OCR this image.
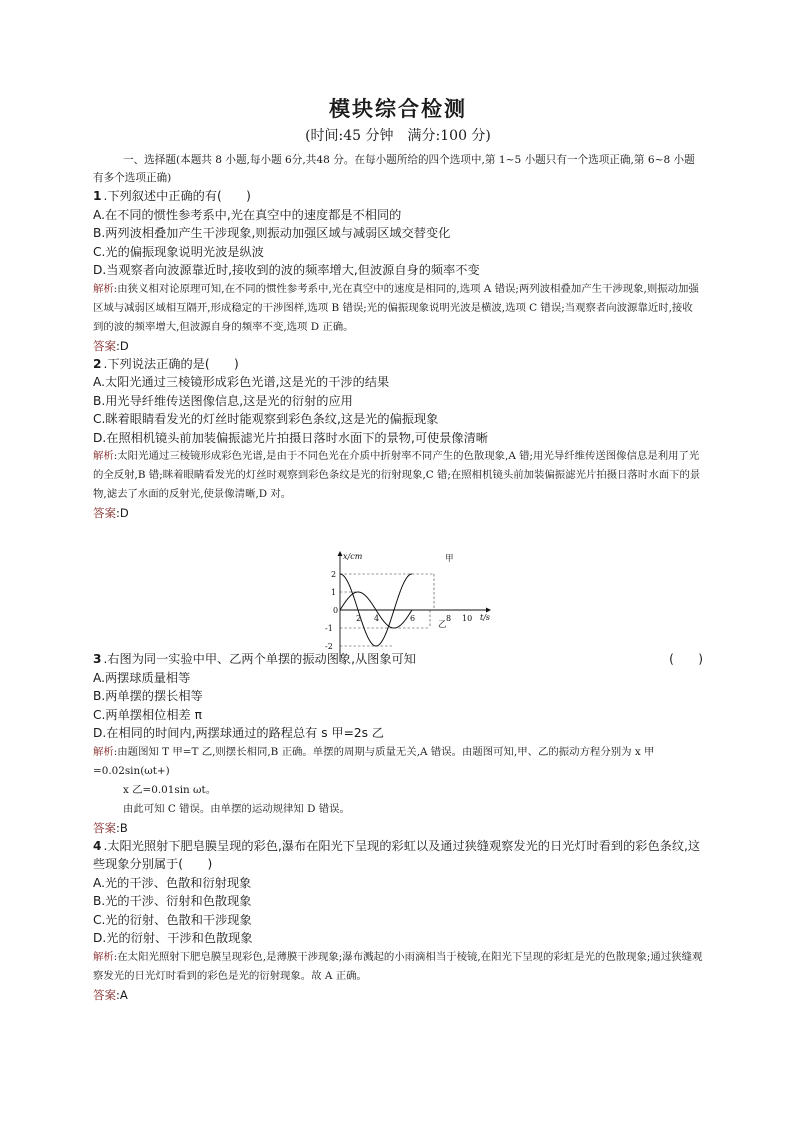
模块综合检测

(时间:45 分钟　满分:100 分)

一、选择题(本题共 8 小题,每小题 6分,共48 分。在每小题所给的四个选项中,第 1~5 小题只有一个选项正确,第 6~8 小题有多个选项正确)

1 .下列叙述中正确的有(　　)

A.在不同的惯性参考系中,光在真空中的速度都是不相同的

B.两列波相叠加产生干涉现象,则振动加强区域与减弱区域交替变化

C.光的偏振现象说明光波是纵波

D.当观察者向波源靠近时,接收到的波的频率增大,但波源自身的频率不变

解析:由狭义相对论原理可知,在不同的惯性参考系中,光在真空中的速度是相同的,选项 A 错误;两列波相叠加产生干涉现象,则振动加强区域与减弱区域相互隔开,形成稳定的干涉图样,选项 B 错误;光的偏振现象说明光波是横波,选项 C 错误;当观察者向波源靠近时,接收到的波的频率增大,但波源自身的频率不变,选项 D 正确。

答案:D

2 .下列说法正确的是(　　)

A.太阳光通过三棱镜形成彩色光谱,这是光的干涉的结果

B.用光导纤维传送图像信息,这是光的衍射的应用

C.眯着眼睛看发光的灯丝时能观察到彩色条纹,这是光的偏振现象

D.在照相机镜头前加装偏振滤光片拍摄日落时水面下的景物,可使景像清晰

解析:太阳光通过三棱镜形成彩色光谱,是由于不同色光在介质中折射率不同产生的色散现象,A 错;用光导纤维传送图像信息是利用了光的全反射,B 错;眯着眼睛看发光的灯丝时观察到彩色条纹是光的衍射现象,C 错;在照相机镜头前加装偏振滤光片拍摄日落时水面下的景物,滤去了水面的反射光,使景像清晰,D 对。

答案:D

3 .右图为同一实验中甲、乙两个单摆的振动图象,从图象可知	(　　)

A.两摆球质量相等

B.两单摆的摆长相等

C.两单摆相位相差 π

D.在相同的时间内,两摆球通过的路程总有 s 甲=2s 乙

解析:由题图知 T 甲=T 乙,则摆长相同,B 正确。单摆的周期与质量无关,A 错误。由题图可知,甲、乙的振动方程分别为 x 甲=0.02sin(ωt+)

x 乙=0.01sin ωt。

由此可知 C 错误。由单摆的运动规律知 D 错误。

答案:B

4 .太阳光照射下肥皂膜呈现的彩色,瀑布在阳光下呈现的彩虹以及通过狭缝观察发光的日光灯时看到的彩色条纹,这些现象分别属于(　　)

A.光的干涉、色散和衍射现象

B.光的干涉、衍射和色散现象

C.光的衍射、色散和干涉现象

D.光的衍射、干涉和色散现象

解析:在太阳光照射下肥皂膜呈现彩色,是薄膜干涉现象;瀑布溅起的小雨滴相当于棱镜,在阳光下呈现的彩虹是光的色散现象;通过狭缝观察发光的日光灯时看到的彩色是光的衍射现象。故 A 正确。

答案:A

x/cm
t/s
0
2 4	6	8 10
2
1
-1
-2
甲
乙
